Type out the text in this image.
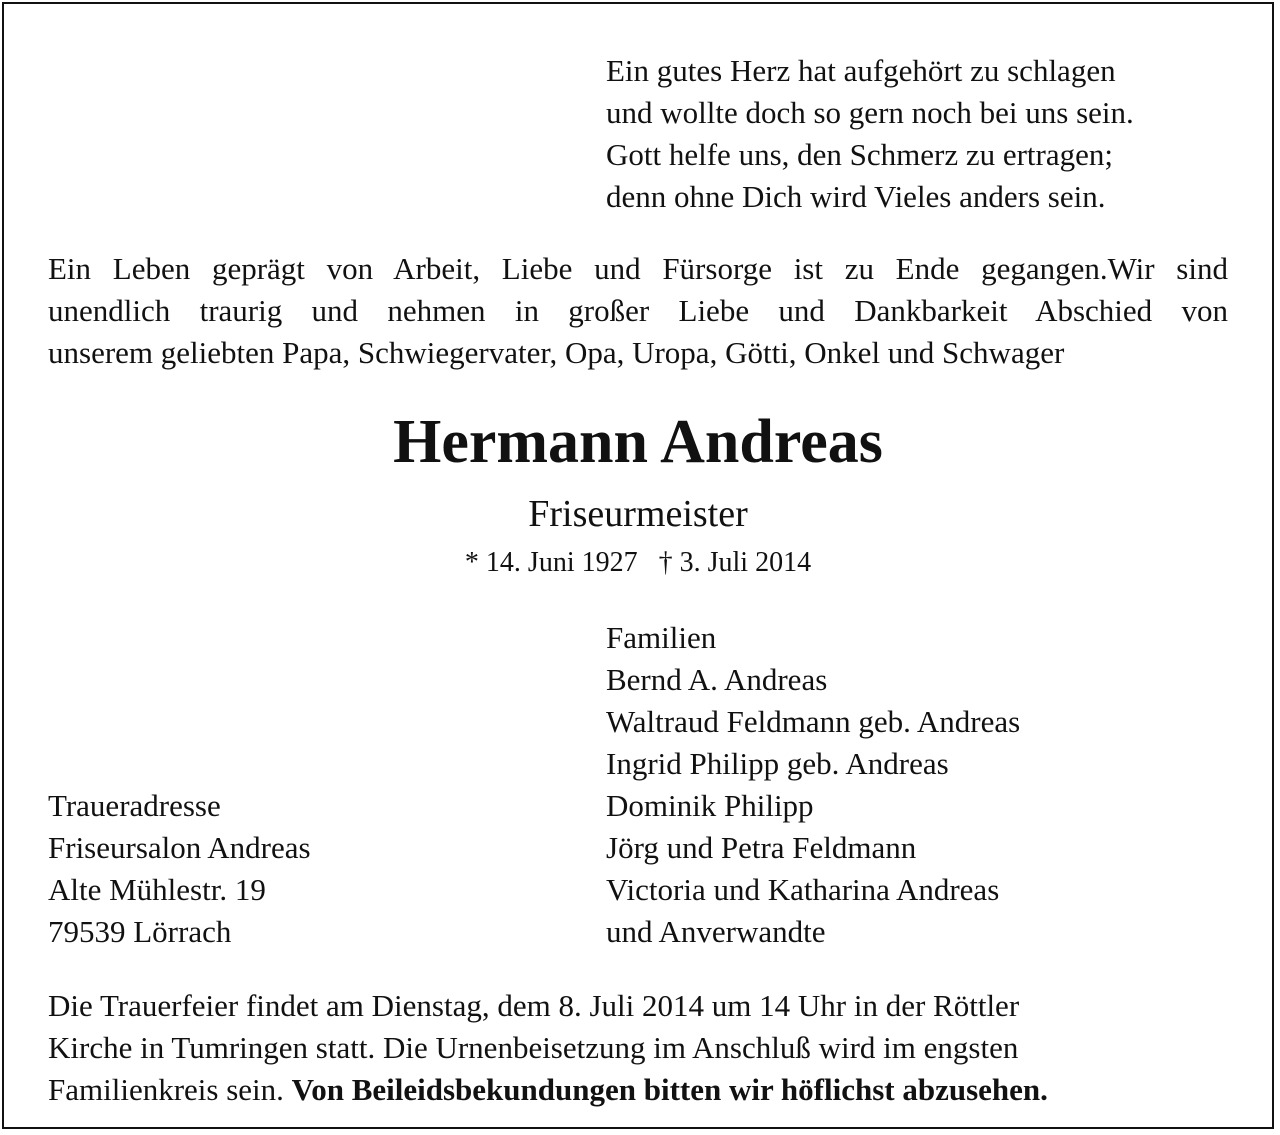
Ein gutes Herz hat aufgehört zu schlagen
und wollte doch so gern noch bei uns sein.
Gott helfe uns, den Schmerz zu ertragen;
denn ohne Dich wird Vieles anders sein.
Ein Leben geprägt von Arbeit, Liebe und Fürsorge ist zu Ende gegangen.Wir sind
unendlich traurig und nehmen in großer Liebe und Dankbarkeit Abschied von
unserem geliebten Papa, Schwiegervater, Opa, Uropa, Götti, Onkel und Schwager
Hermann Andreas
Friseurmeister
* 14. Juni 1927 † 3. Juli 2014
Familien
Bernd A. Andreas
Waltraud Feldmann geb. Andreas
Ingrid Philipp geb. Andreas
Dominik Philipp
Jörg und Petra Feldmann
Victoria und Katharina Andreas
und Anverwandte
Traueradresse
Friseursalon Andreas
Alte Mühlestr. 19
79539 Lörrach
Die Trauerfeier findet am Dienstag, dem 8. Juli 2014 um 14 Uhr in der Röttler
Kirche in Tumringen statt. Die Urnenbeisetzung im Anschluß wird im engsten
Familienkreis sein. Von Beileidsbekundungen bitten wir höflichst abzusehen.
